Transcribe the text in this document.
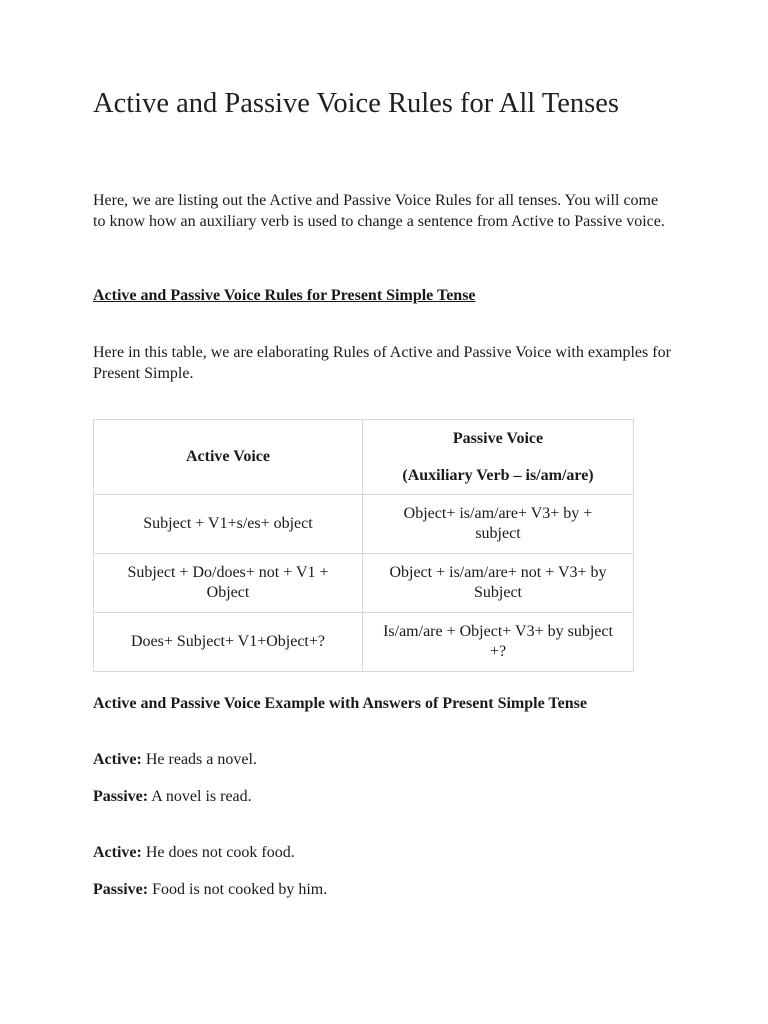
Active and Passive Voice Rules for All Tenses

Here, we are listing out the Active and Passive Voice Rules for all tenses. You will come to know how an auxiliary verb is used to change a sentence from Active to Passive voice.

Active and Passive Voice Rules for Present Simple Tense

Here in this table, we are elaborating Rules of Active and Passive Voice with examples for Present Simple.

Active Voice	Passive Voice
(Auxiliary Verb – is/am/are)

Subject + V1+s/es+ object	Object+ is/am/are+ V3+ by + subject
Subject + Do/does+ not + V1 + Object	Object + is/am/are+ not + V3+ by Subject
Does+ Subject+ V1+Object+?	Is/am/are + Object+ V3+ by subject +?

Active and Passive Voice Example with Answers of Present Simple Tense

Active: He reads a novel.

Passive: A novel is read.

Active: He does not cook food.

Passive: Food is not cooked by him.
